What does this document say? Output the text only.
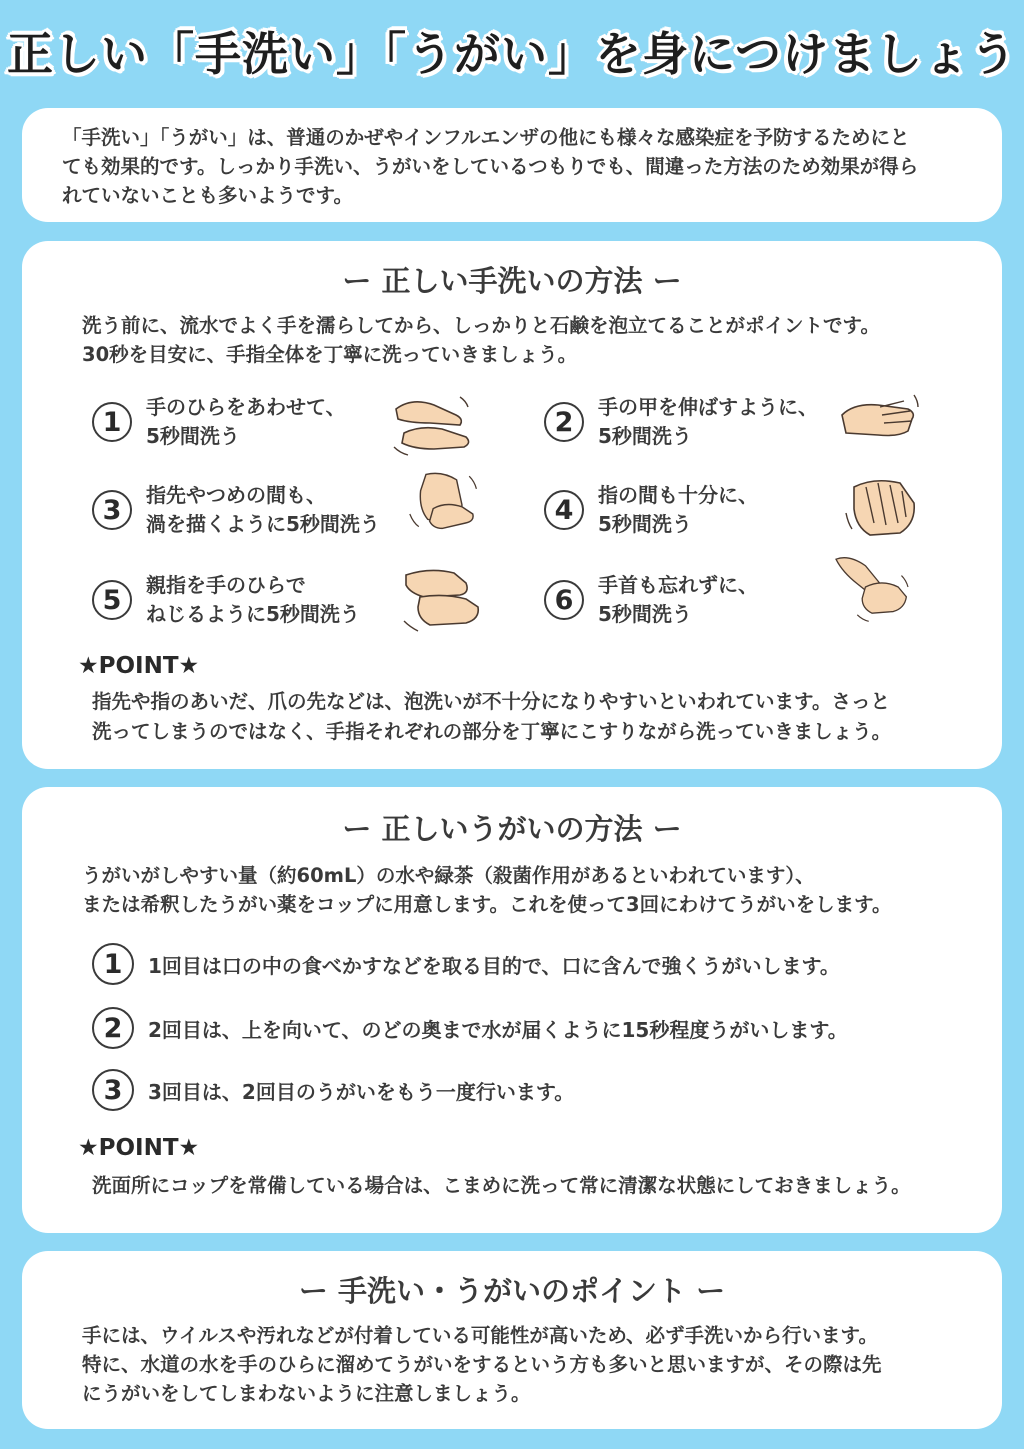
正しい「手洗い」「うがい」を身につけましょう

「手洗い」「うがい」は、普通のかぜやインフルエンザの他にも様々な感染症を予防するためにと

ても効果的です。しっかり手洗い、うがいをしているつもりでも、間違った方法のため効果が得ら

れていないことも多いようです。

ー 正しい手洗いの方法 ー

洗う前に、流水でよく手を濡らしてから、しっかりと石鹸を泡立てることがポイントです。

30秒を目安に、手指全体を丁寧に洗っていきましょう。

1	手のひらをあわせて、
5秒間洗う	2	手の甲を伸ばすように、
5秒間洗う
3	指先やつめの間も、
渦を描くように5秒間洗う	4	指の間も十分に、
5秒間洗う
5	親指を手のひらで
ねじるように5秒間洗う	6	手首も忘れずに、
5秒間洗う
★POINT★

指先や指のあいだ、爪の先などは、泡洗いが不十分になりやすいといわれています。さっと

洗ってしまうのではなく、手指それぞれの部分を丁寧にこすりながら洗っていきましょう。

ー 正しいうがいの方法 ー

うがいがしやすい量（約60mL）の水や緑茶（殺菌作用があるといわれています）、

または希釈したうがい薬をコップに用意します。これを使って3回にわけてうがいをします。

1	1回目は口の中の食べかすなどを取る目的で、口に含んで強くうがいします。
2	2回目は、上を向いて、のどの奥まで水が届くように15秒程度うがいします。
3	3回目は、2回目のうがいをもう一度行います。
★POINT★

洗面所にコップを常備している場合は、こまめに洗って常に清潔な状態にしておきましょう。

ー 手洗い・うがいのポイント ー

手には、ウイルスや汚れなどが付着している可能性が高いため、必ず手洗いから行います。

特に、水道の水を手のひらに溜めてうがいをするという方も多いと思いますが、その際は先

にうがいをしてしまわないように注意しましょう。
